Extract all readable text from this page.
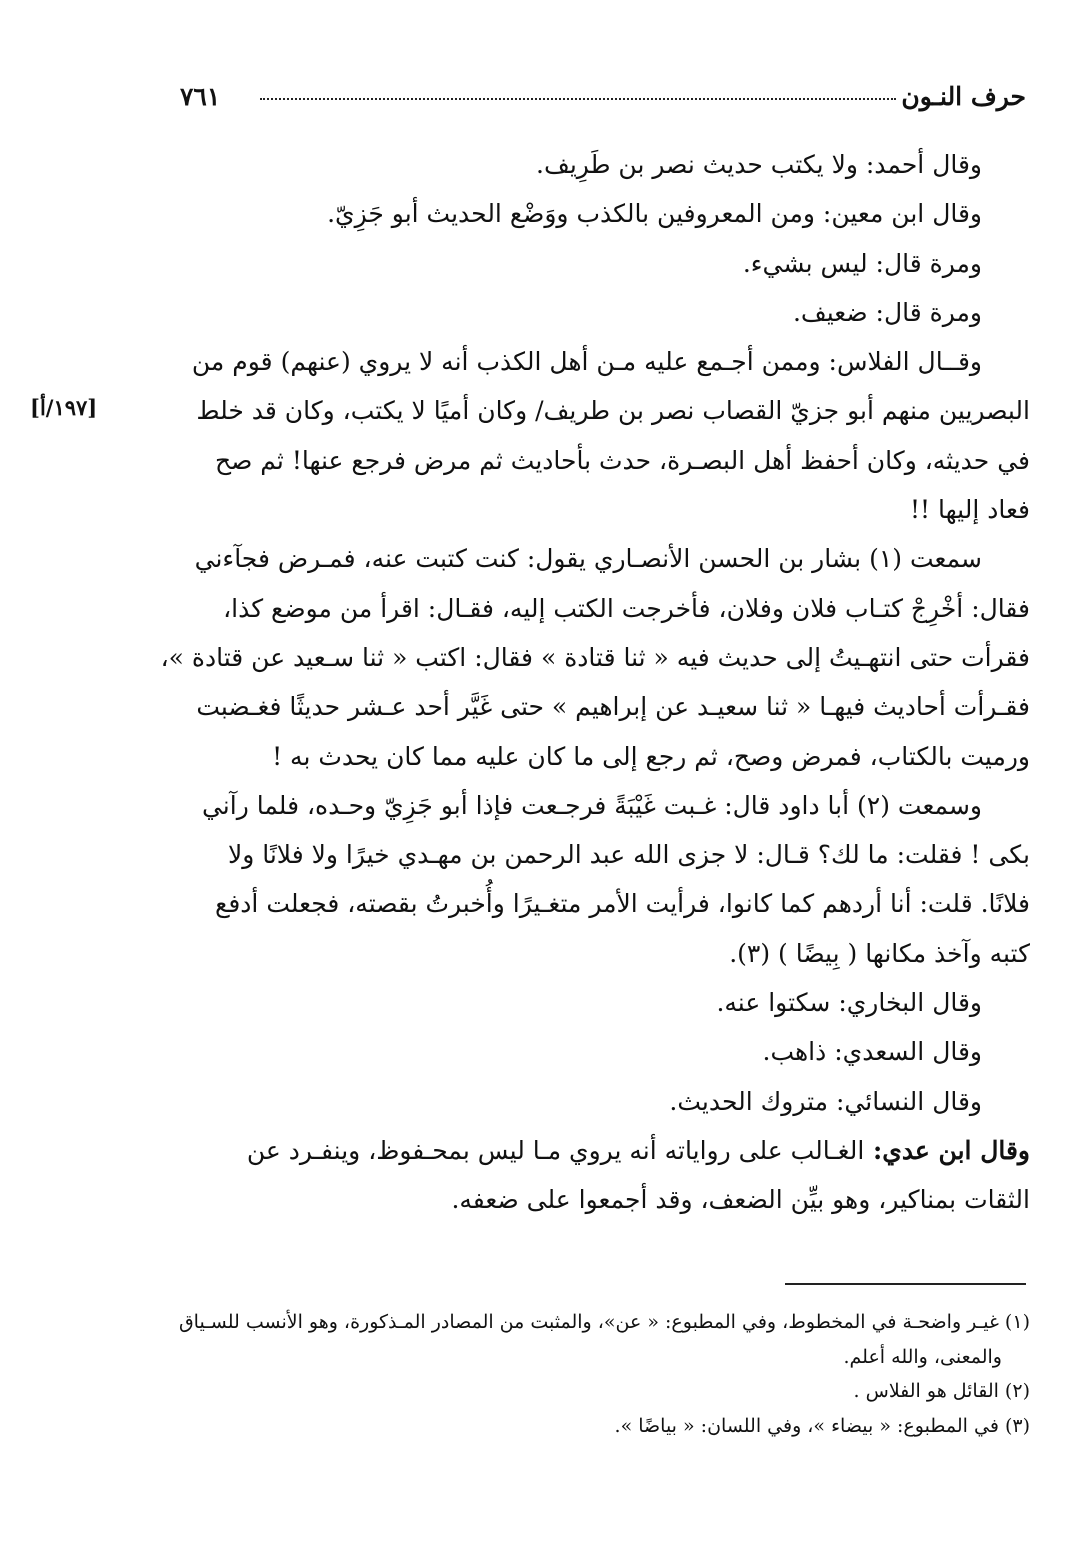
حرف النـون
٧٦١
[١٩٧/أ]
وقال أحمد: ولا يكتب حديث نصر بن طَرِيف.
وقال ابن معين: ومن المعروفين بالكذب ووَضْع الحديث أبو جَزِيّ.
ومرة قال: ليس بشيء.
ومرة قال: ضعيف.
وقــال الفلاس: وممن أجـمع عليه مـن أهل الكذب أنه لا يروي (عنهم) قوم من
البصريين منهم أبو جزيّ القصاب نصر بن طريف/ وكان أميًا لا يكتب، وكان قد خلط
في حديثه، وكان أحفظ أهل البصـرة، حدث بأحاديث ثم مرض فرجع عنها! ثم صح
فعاد إليها !!
سمعت (١) بشار بن الحسن الأنصـاري يقول: كنت كتبت عنه، فمـرض فجآءني
فقال: أخْرِجْ كتـاب فلان وفلان، فأخرجت الكتب إليه، فقـال: اقرأ من موضع كذا،
فقرأت حتى انتهـيتُ إلى حديث فيه « ثنا قتادة » فقال: اكتب « ثنا سـعيد عن قتادة »،
فقـرأت أحاديث فيهـا « ثنا سعيـد عن إبراهيم » حتى غَيَّر أحد عـشر حديثًا فغـضبت
ورميت بالكتاب، فمرض وصح، ثم رجع إلى ما كان عليه مما كان يحدث به !
وسمعت (٢) أبا داود قال: غـبت غَيْبَةً فرجـعت فإذا أبو جَزِيّ وحـده، فلما رآني
بكى ! فقلت: ما لك؟ قـال: لا جزى الله عبد الرحمن بن مهـدي خيرًا ولا فلانًا ولا
فلانًا. قلت: أنا أردهم كما كانوا، فرأيت الأمر متغـيرًا وأُخبرتُ بقصته، فجعلت أدفع
كتبه وآخذ مكانها ( بِيضًا ) (٣).
وقال البخاري: سكتوا عنه.
وقال السعدي: ذاهب.
وقال النسائي: متروك الحديث.
وقال ابن عدي: الغـالب على رواياته أنه يروي مـا ليس بمحـفوظ، وينفـرد عن
الثقات بمناكير، وهو بيِّن الضعف، وقد أجمعوا على ضعفه.
(١) غيـر واضحـة في المخطوط، وفي المطبوع: « عن»، والمثبت من المصادر المـذكورة، وهو الأنسب للسـياق
والمعنى، والله أعلم.
(٢) القائل هو الفلاس .
(٣) في المطبوع: « بيضاء »، وفي اللسان: « بياضًا ».
